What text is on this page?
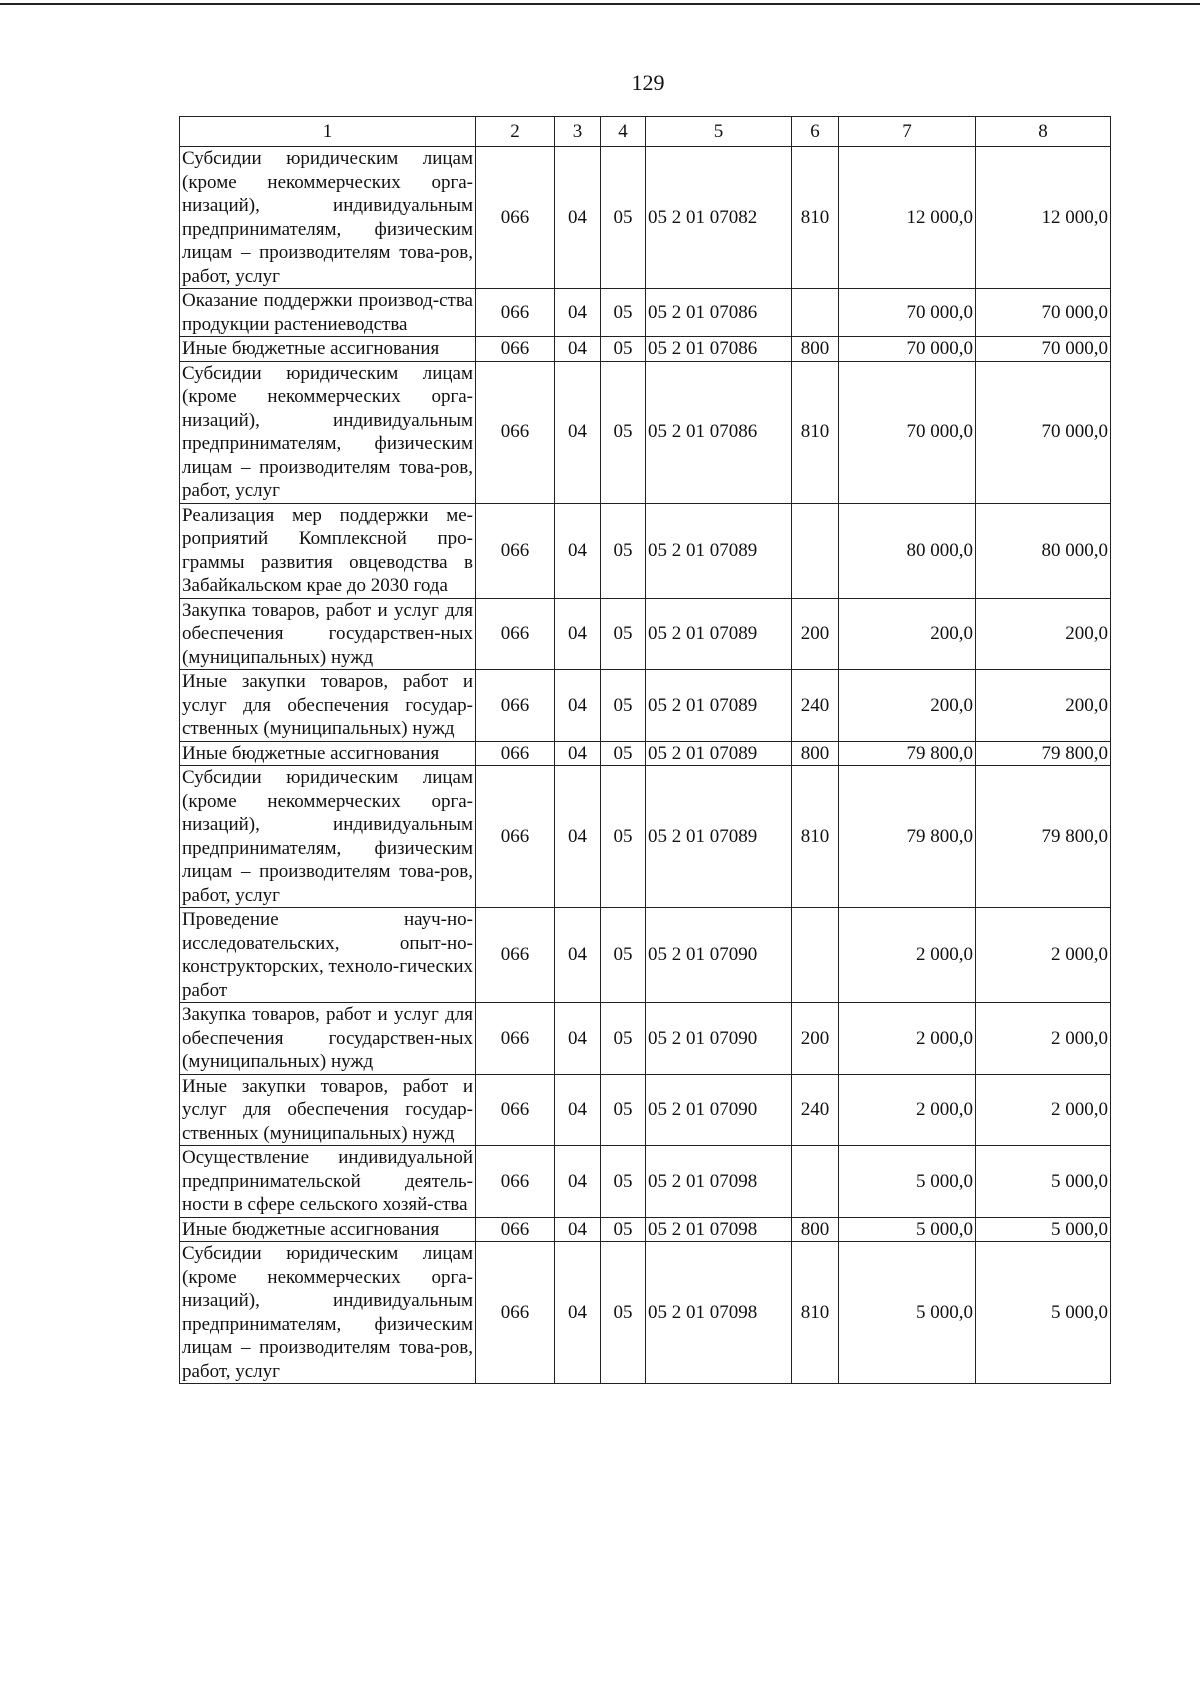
129
1	2	3	4	5	6	7	8
Субсидии юридическим лицам (кроме некоммерческих орга-низаций), индивидуальным предпринимателям, физическим лицам – производителям това-ров, работ, услуг	066	04	05	05 2 01 07082	810	12 000,0	12 000,0
Оказание поддержки производ-ства продукции растениеводства	066	04	05	05 2 01 07086		70 000,0	70 000,0
Иные бюджетные ассигнования	066	04	05	05 2 01 07086	800	70 000,0	70 000,0
Субсидии юридическим лицам (кроме некоммерческих орга-низаций), индивидуальным предпринимателям, физическим лицам – производителям това-ров, работ, услуг	066	04	05	05 2 01 07086	810	70 000,0	70 000,0
Реализация мер поддержки ме-роприятий Комплексной про-граммы развития овцеводства в Забайкальском крае до 2030 года	066	04	05	05 2 01 07089		80 000,0	80 000,0
Закупка товаров, работ и услуг для обеспечения государствен-ных (муниципальных) нужд	066	04	05	05 2 01 07089	200	200,0	200,0
Иные закупки товаров, работ и услуг для обеспечения государ-ственных (муниципальных) нужд	066	04	05	05 2 01 07089	240	200,0	200,0
Иные бюджетные ассигнования	066	04	05	05 2 01 07089	800	79 800,0	79 800,0
Субсидии юридическим лицам (кроме некоммерческих орга-низаций), индивидуальным предпринимателям, физическим лицам – производителям това-ров, работ, услуг	066	04	05	05 2 01 07089	810	79 800,0	79 800,0
Проведение науч-но-исследовательских, опыт-но-конструкторских, техноло-гических работ	066	04	05	05 2 01 07090		2 000,0	2 000,0
Закупка товаров, работ и услуг для обеспечения государствен-ных (муниципальных) нужд	066	04	05	05 2 01 07090	200	2 000,0	2 000,0
Иные закупки товаров, работ и услуг для обеспечения государ-ственных (муниципальных) нужд	066	04	05	05 2 01 07090	240	2 000,0	2 000,0
Осуществление индивидуальной предпринимательской деятель-ности в сфере сельского хозяй-ства	066	04	05	05 2 01 07098		5 000,0	5 000,0
Иные бюджетные ассигнования	066	04	05	05 2 01 07098	800	5 000,0	5 000,0
Субсидии юридическим лицам (кроме некоммерческих орга-низаций), индивидуальным предпринимателям, физическим лицам – производителям това-ров, работ, услуг	066	04	05	05 2 01 07098	810	5 000,0	5 000,0
